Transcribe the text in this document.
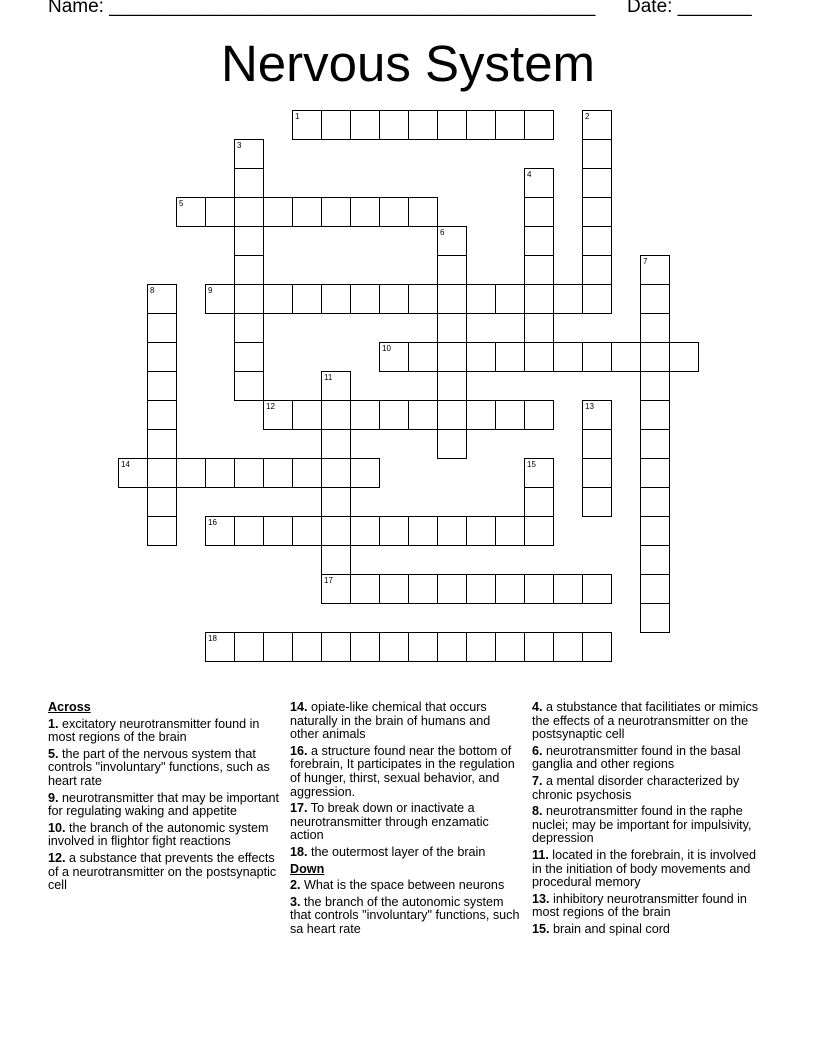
Name: ______________________________________________ Date: _______
Nervous System
1	2
3
4
5
6
7
8	9
10
11
17
12	13
14	15
16
18
Across
1. excitatory neurotransmitter found in most regions of the brain
5. the part of the nervous system that controls "involuntary" functions, such as heart rate
9. neurotransmitter that may be important for regulating waking and appetite
10. the branch of the autonomic system involved in flightor fight reactions
12. a substance that prevents the effects of a neurotransmitter on the postsynaptic cell
14. opiate-like chemical that occurs naturally in the brain of humans and other animals
16. a structure found near the bottom of forebrain, It participates in the regulation of hunger, thirst, sexual behavior, and aggression.
17. To break down or inactivate a neurotransmitter through enzamatic action
18. the outermost layer of the brain
Down
2. What is the space between neurons
3. the branch of the autonomic system that controls "involuntary" functions, such sa heart rate
4. a stubstance that facilitiates or mimics the effects of a neurotransmitter on the postsynaptic cell
6. neurotransmitter found in the basal ganglia and other regions
7. a mental disorder characterized by chronic psychosis
8. neurotransmitter found in the raphe nuclei; may be important for impulsivity, depression
11. located in the forebrain, it is involved in the initiation of body movements and procedural memory
13. inhibitory neurotransmitter found in most regions of the brain
15. brain and spinal cord
